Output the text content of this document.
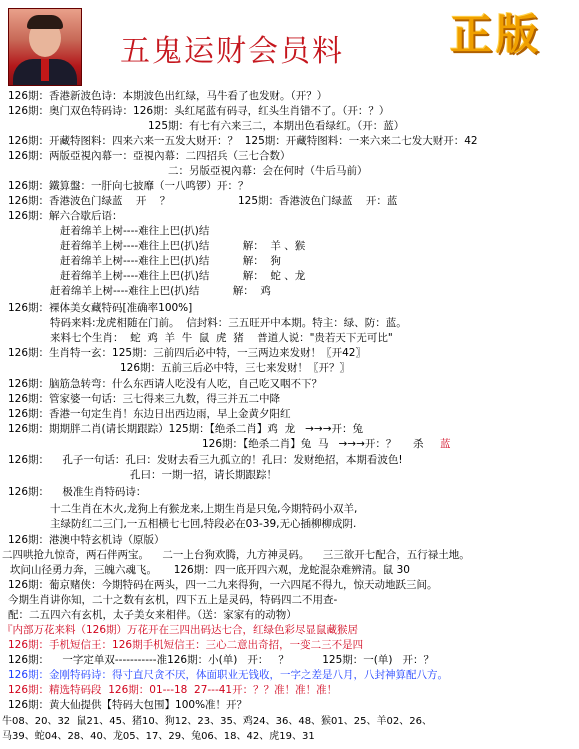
五鬼运财会员料	正版
126期：香港新波色诗：本期波色出红绿，马牛看了也发财。（开？）
126期：奥门双色特码诗：126期：头红尾蓝有码寻，红头生肖错不了。（开：？）
125期：有七有六来三二，本期出色看绿红。（开：蓝）
126期：开藏特图料：四来六来一五发大财开：？  125期：开藏特图料：一来六来二七发大财开：42
126期：两版亞視內幕一：亞視內幕：二四招兵（三七合数）
二：另版亞視內幕：会在何时（牛后马前）
126期：鐵算盤：一肝向七披靡（一八鸣锣）开：？
126期：香港波色门绿蓝    开    ？	125期：香港波色门绿蓝    开：蓝
126期：解六合歇后语：
赶着绵羊上树----难往上巴(扒)结
赶着绵羊上树----难往上巴(扒)结          解：  羊 、猴
赶着绵羊上树----难往上巴(扒)结          解：  狗
赶着绵羊上树----难往上巴(扒)结          解：  蛇 、龙
赶着绵羊上树----难往上巴(扒)结          解：  鸡
126期：裸体美女藏特码[准确率100%]
特码来料:龙虎相随在门前。  信封料：三五旺开中本期。特主：绿、防：蓝。
来料七个生肖：  蛇  鸡  羊  牛  鼠  虎  猪    普道人说："贵若天下无可比"
126期：生肖特一玄：125期：三前四后必中特，一三两边来发财！〖开42〗
126期：五前三后必中特，三七来发财！〖开？〗
126期：脑筋急转弯：什么东西请人吃没有人吃，自己吃又咽不下？
126期：管家婆一句话：三七得来三九数，得三并五二中降
126期：香港一句定生肖！东边日出西边雨，早上金黄夕阳红
126期：期期胖二肖(请长期跟踪）125期：【绝杀二肖】鸡  龙   →→→开：兔
126期：【绝杀二肖】兔  马   →→→开：？     杀 蓝
126期：    孔子一句话：孔曰：发财去看三九孤立的！孔曰：发财绝招，本期看波色!
孔曰：一期一招，请长期跟踪！
126期：    极准生肖特码诗：
十二生肖在木火,龙狗上有猴龙来,上期生肖是只兔,今期特码小双羊,
主绿防红二三门,一五相横七七回,特段必在03-39,无心插柳柳成阴.
126期：港澳中特玄机诗（原版）
二四哄抢九惊奇，两石伴两宝。    二一上台狗欢腾，九方神灵码。    三三欲开七配合，五行禄土地。
坎问山径勇力奔，三魄六魂飞。     126期：四一底开四六观，龙蛇混杂难辨清。鼠 30
126期：葡京赌侠：今期特码在两头，四一二九来得狗，一六四尾不得九，惊天动地跃三间。
今期生肖讲你知，二十之数有玄机，四下五上是灵码，特码四二不用查-
配：二五四六有玄机，太子美女来相伴。（送：家家有的动物）
『内部万花来料（126期）万花开在三四出码达七合，红绿色彩尽显鼠藏猴居
126期：手机短信王：126期手机短信王：三心二意出奇招，一变二三不是四
126期：    一字定单双-----------准126期：小(单)   开：   ？          125期：一(单)   开：？
126期：金刚特码诗：得寸直尺贪不厌，体面职业无钱收，一字之差是八月，八封神算配八方。
126期：精选特码段  126期：01---18  27---41开：？？准！准！准！
126期：黄大仙提供【特码大包围】100%准！开？
牛08、20、32  鼠21、45、猪10、狗12、23、35、鸡24、36、48、猴01、25、羊02、26、
马39、蛇04、28、40、龙05、17、29、兔06、18、42、虎19、31
